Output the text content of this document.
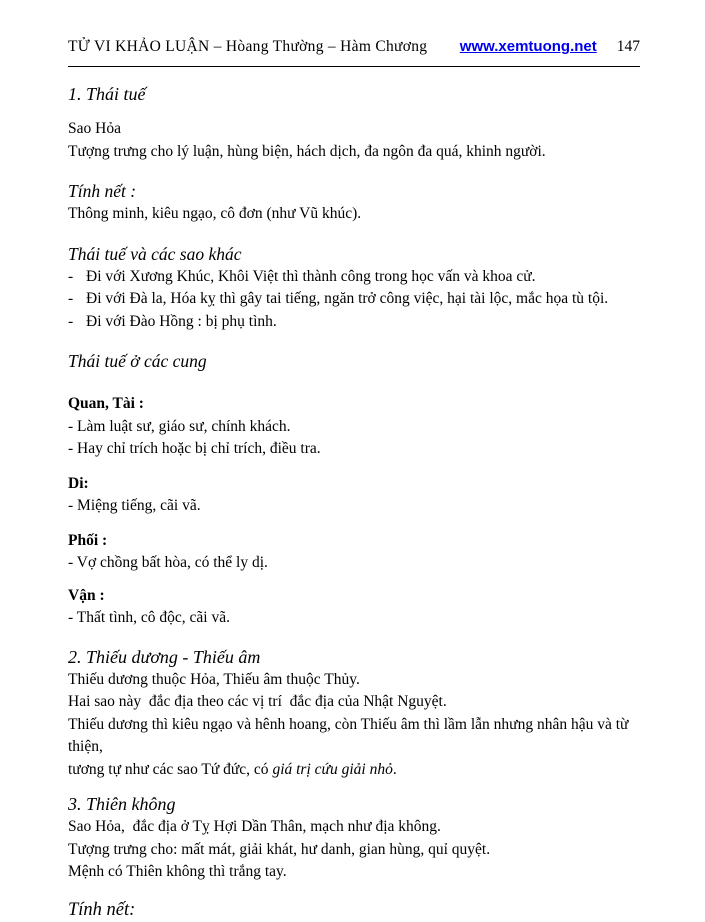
TỬ VI KHẢO LUẬN – Hòang Thường – Hàm Chương	www.xemtuong.net 147
1. Thái tuế
Sao Hỏa
Tượng trưng cho lý luận, hùng biện, hách dịch, đa ngôn đa quá, khinh người.
Tính nết :
Thông minh, kiêu ngạo, cô đơn (như Vũ khúc).
Thái tuế và các sao khác
- Đi với Xương Khúc, Khôi Việt thì thành công trong học vấn và khoa cử.
- Đi với Đà la, Hóa kỵ thì gây tai tiếng, ngăn trở công việc, hại tài lộc, mắc họa tù tội.
- Đi với Đào Hồng : bị phụ tình.
Thái tuế ở các cung
Quan, Tài :
- Làm luật sư, giáo sư, chính khách.
- Hay chỉ trích hoặc bị chỉ trích, điều tra.
Di:
- Miệng tiếng, cãi vã.
Phối :
- Vợ chồng bất hòa, có thể ly dị.
Vận :
- Thất tình, cô độc, cãi vã.
2. Thiếu dương - Thiếu âm
Thiếu dương thuộc Hỏa, Thiếu âm thuộc Thủy.
Hai sao này  đắc địa theo các vị trí  đắc địa của Nhật Nguyệt.
Thiếu dương thì kiêu ngạo và hênh hoang, còn Thiếu âm thì lầm lẫn nhưng nhân hậu và từ thiện,
tương tự như các sao Tứ đức, có giá trị cứu giải nhỏ.
3. Thiên không
Sao Hỏa,  đắc địa ở Tỵ Hợi Dần Thân, mạch như địa không.
Tượng trưng cho: mất mát, giải khát, hư danh, gian hùng, quỉ quyệt.
Mệnh có Thiên không thì trắng tay.
Tính nết:
